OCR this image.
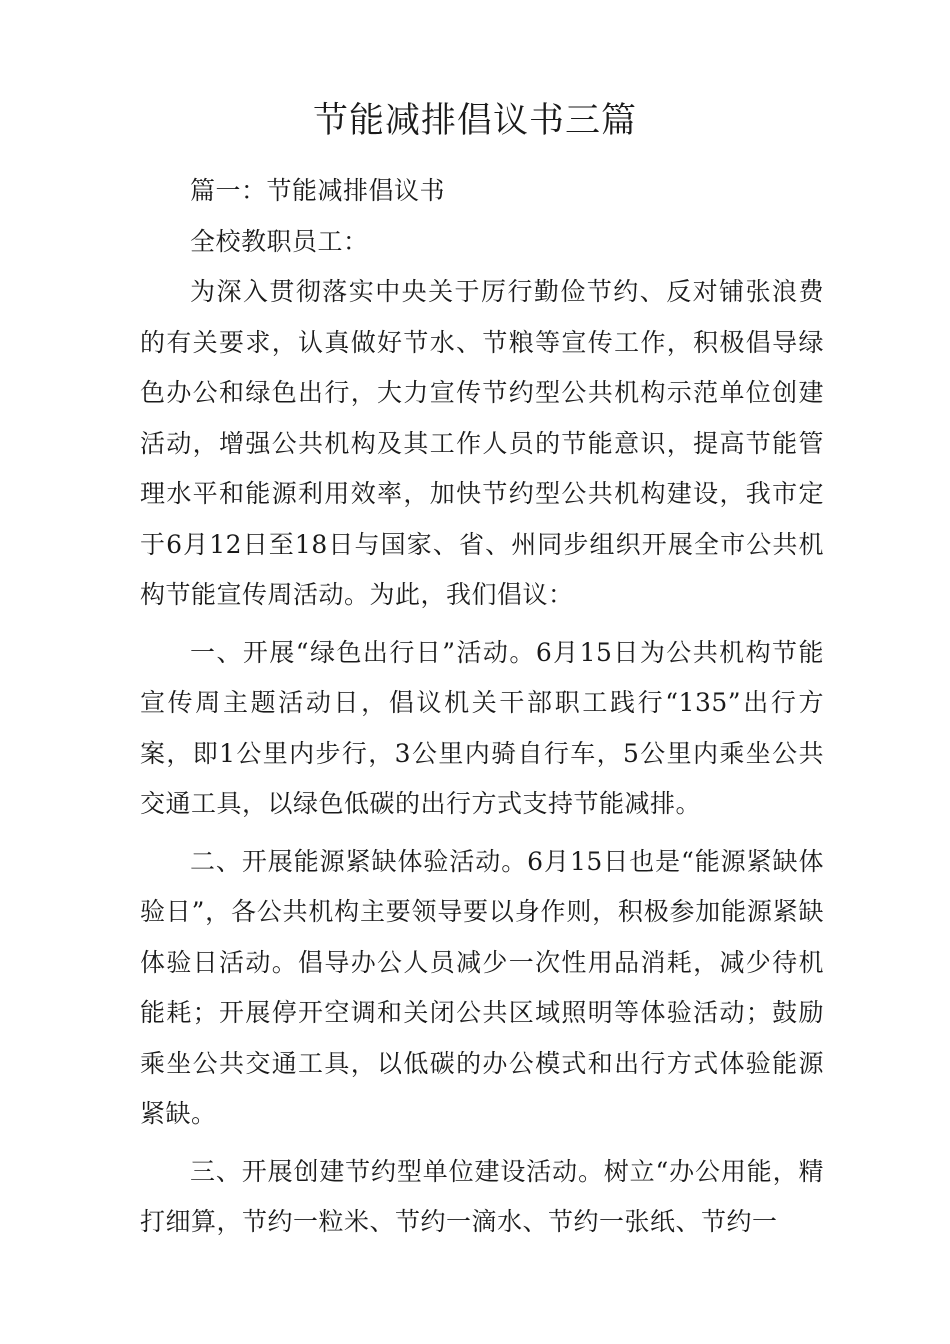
节能减排倡议书三篇

篇一：节能减排倡议书

全校教职员工：

为深入贯彻落实中央关于厉行勤俭节约、反对铺张浪费的有关要求，认真做好节水、节粮等宣传工作，积极倡导绿色办公和绿色出行，大力宣传节约型公共机构示范单位创建活动，增强公共机构及其工作人员的节能意识，提高节能管理水平和能源利用效率，加快节约型公共机构建设，我市定于6月12日至18日与国家、省、州同步组织开展全市公共机构节能宣传周活动。为此，我们倡议：

一、开展“绿色出行日”活动。6月15日为公共机构节能宣传周主题活动日，倡议机关干部职工践行“135”出行方案，即1公里内步行，3公里内骑自行车，5公里内乘坐公共交通工具，以绿色低碳的出行方式支持节能减排。

二、开展能源紧缺体验活动。6月15日也是“能源紧缺体验日”，各公共机构主要领导要以身作则，积极参加能源紧缺体验日活动。倡导办公人员减少一次性用品消耗，减少待机能耗；开展停开空调和关闭公共区域照明等体验活动；鼓励乘坐公共交通工具，以低碳的办公模式和出行方式体验能源紧缺。

三、开展创建节约型单位建设活动。树立“办公用能，精打细算，节约一粒米、节约一滴水、节约一张纸、节约一
